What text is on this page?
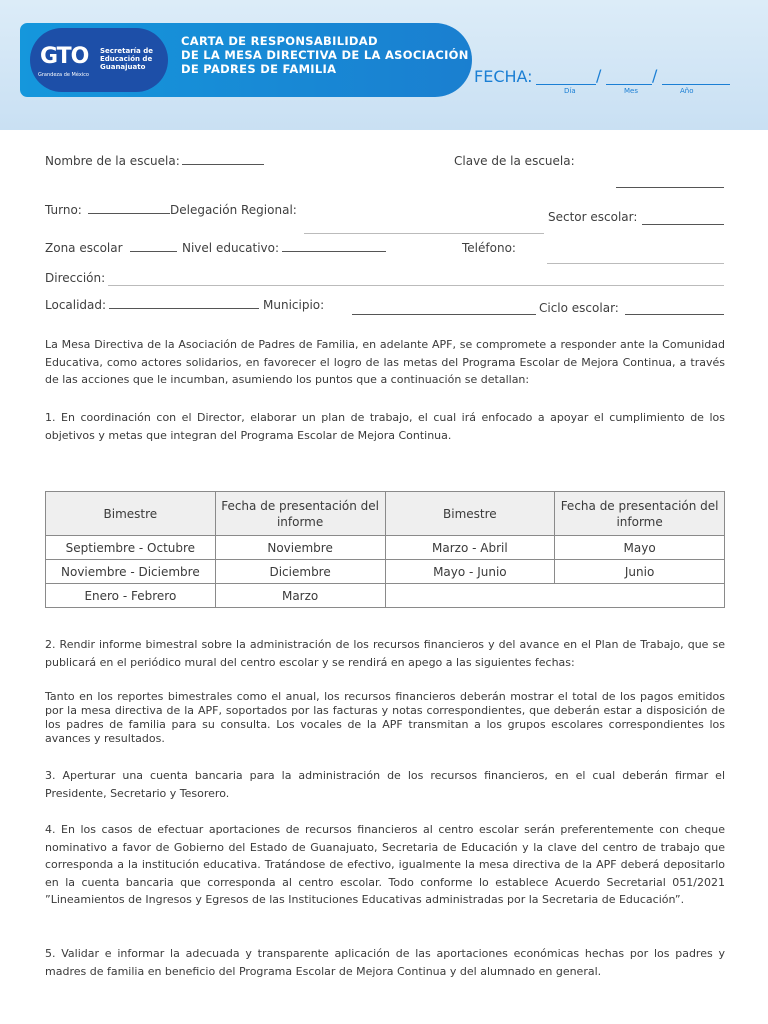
GTO
Grandeza de México
Secretaría de Educación de Guanajuato
CARTA DE RESPONSABILIDAD
DE LA MESA DIRECTIVA DE LA ASOCIACIÓN
DE PADRES DE FAMILIA	FECHA:	/	/
Día	Mes	Año
Nombre de la escuela:	Clave de la escuela:
Turno:	Delegación Regional:	Sector escolar:
Zona escolar	Nivel educativo:	Teléfono:
Dirección:
Localidad:	Municipio:	Ciclo escolar:
La Mesa Directiva de la Asociación de Padres de Familia, en adelante APF, se compromete a responder ante la Comunidad Educativa, como actores solidarios, en favorecer el logro de las metas del Programa Escolar de Mejora Continua, a través de las acciones que le incumban, asumiendo los puntos que a continuación se detallan:
1. En coordinación con el Director, elaborar un plan de trabajo, el cual irá enfocado a apoyar el cumplimiento de los objetivos y metas que integran del Programa Escolar de Mejora Continua.
Bimestre	Fecha de presentación del informe	Bimestre	Fecha de presentación del informe
Septiembre - Octubre	Noviembre	Marzo - Abril	Mayo
Noviembre - Diciembre	Diciembre	Mayo - Junio	Junio
Enero - Febrero	Marzo		
2. Rendir informe bimestral sobre la administración de los recursos financieros y del avance en el Plan de Trabajo, que se publicará en el periódico mural del centro escolar y se rendirá en apego a las siguientes fechas:
Tanto en los reportes bimestrales como el anual, los recursos financieros deberán mostrar el total de los pagos emitidos por la mesa directiva de la APF, soportados por las facturas y notas correspondientes, que deberán estar a disposición de los padres de familia para su consulta. Los vocales de la APF transmitan a los grupos escolares correspondientes los avances y resultados.
3. Aperturar una cuenta bancaria para la administración de los recursos financieros, en el cual deberán firmar el Presidente, Secretario y Tesorero.
4. En los casos de efectuar aportaciones de recursos financieros al centro escolar serán preferentemente con cheque nominativo a favor de Gobierno del Estado de Guanajuato, Secretaria de Educación y la clave del centro de trabajo que corresponda a la institución educativa. Tratándose de efectivo, igualmente la mesa directiva de la APF deberá depositarlo en la cuenta bancaria que corresponda al centro escolar. Todo conforme lo establece Acuerdo Secretarial 051/2021 ”Lineamientos de Ingresos y Egresos de las Instituciones Educativas administradas por la Secretaria de Educación”.
5. Validar e informar la adecuada y transparente aplicación de las aportaciones económicas hechas por los padres y madres de familia en beneficio del Programa Escolar de Mejora Continua y del alumnado en general.
